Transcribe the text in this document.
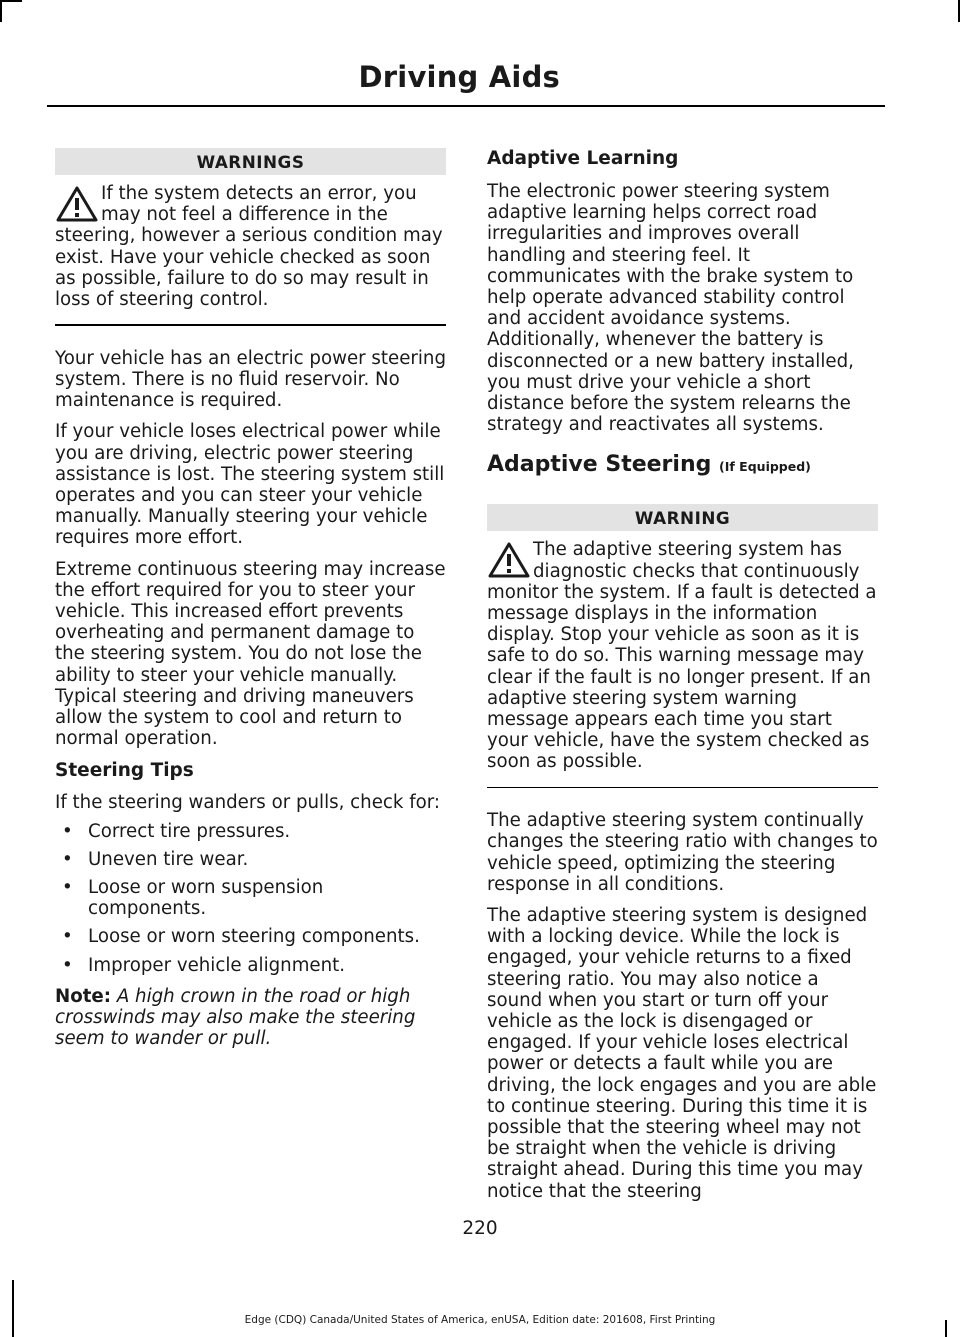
Driving Aids
WARNINGS

If the system detects an error, you may not feel a difference in the steering, however a serious condition may exist. Have your vehicle checked as soon as possible, failure to do so may result in loss of steering control.

Your vehicle has an electric power steering system. There is no fluid reservoir. No maintenance is required.

If your vehicle loses electrical power while you are driving, electric power steering assistance is lost. The steering system still operates and you can steer your vehicle manually. Manually steering your vehicle requires more effort.

Extreme continuous steering may increase the effort required for you to steer your vehicle. This increased effort prevents overheating and permanent damage to the steering system. You do not lose the ability to steer your vehicle manually. Typical steering and driving maneuvers allow the system to cool and return to normal operation.

Steering Tips

If the steering wanders or pulls, check for:

• Correct tire pressures.
• Uneven tire wear.
• Loose or worn suspension components.
• Loose or worn steering components.
• Improper vehicle alignment.

Note: A high crown in the road or high crosswinds may also make the steering seem to wander or pull.

Adaptive Learning

The electronic power steering system adaptive learning helps correct road irregularities and improves overall handling and steering feel. It communicates with the brake system to help operate advanced stability control and accident avoidance systems. Additionally, whenever the battery is disconnected or a new battery installed, you must drive your vehicle a short distance before the system relearns the strategy and reactivates all systems.

Adaptive Steering (If Equipped)

WARNING

The adaptive steering system has diagnostic checks that continuously monitor the system. If a fault is detected a message displays in the information display. Stop your vehicle as soon as it is safe to do so. This warning message may clear if the fault is no longer present. If an adaptive steering system warning message appears each time you start your vehicle, have the system checked as soon as possible.

The adaptive steering system continually changes the steering ratio with changes to vehicle speed, optimizing the steering response in all conditions.

The adaptive steering system is designed with a locking device. While the lock is engaged, your vehicle returns to a fixed steering ratio. You may also notice a sound when you start or turn off your vehicle as the lock is disengaged or engaged. If your vehicle loses electrical power or detects a fault while you are driving, the lock engages and you are able to continue steering. During this time it is possible that the steering wheel may not be straight when the vehicle is driving straight ahead. During this time you may notice that the steering

220
Edge (CDQ) Canada/United States of America, enUSA, Edition date: 201608, First Printing
